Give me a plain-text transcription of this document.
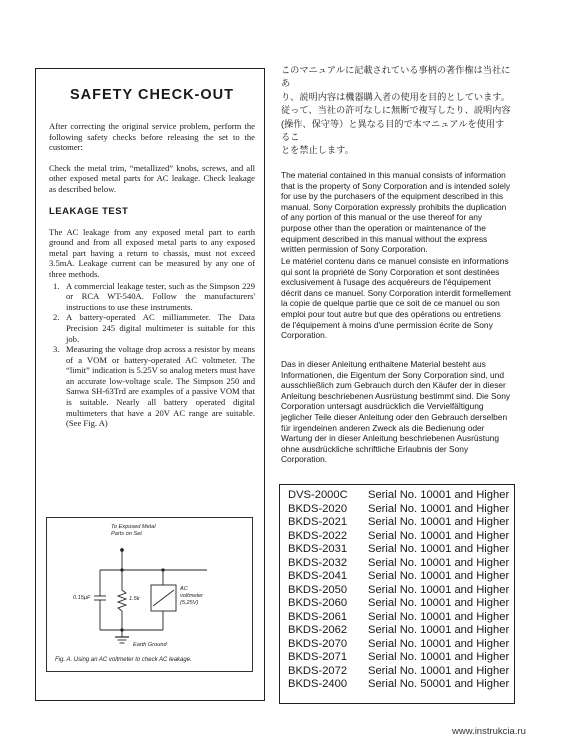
SAFETY CHECK-OUT

After correcting the original service problem, perform the following safety checks before releasing the set to the customer:

Check the metal trim, “metallized” knobs, screws, and all other exposed metal parts for AC leakage. Check leakage as described below.

LEAKAGE TEST

The AC leakage from any exposed metal part to earth ground and from all exposed metal parts to any exposed metal part having a return to chassis, must not exceed 3.5mA. Leakage current can be measured by any one of three methods.

1. A commercial leakage tester, such as the Simpson 229 or RCA WT-540A. Follow the manufacturers' instructions to use these instruments.
2. A battery-operated AC milliammeter. The Data Precision 245 digital multimeter is suitable for this job.
3. Measuring the voltage drop across a resistor by means of a VOM or battery-operated AC voltmeter. The “limit” indication is 5.25V so analog meters must have an accurate low-voltage scale. The Simpson 250 and Sanwa SH-63Trd are examples of a passive VOM that is suitable. Nearly all battery operated digital multimeters that have a 20V AC range are suitable. (See Fig. A)
To Exposed Metal
Parts on Set
0.15μF	1.5k
AC
voltmeter
(5.25V)
Earth Ground
Fig. A. Using an AC voltmeter to check AC leakage.
このマニュアルに記載されている事柄の著作権は当社にあ
り、説明内容は機器購入者の使用を目的としています。
従って、当社の許可なしに無断で複写したり、説明内容
(操作、保守等）と異なる目的で本マニュアルを使用するこ
とを禁止します。

The material contained in this manual consists of information that is the property of Sony Corporation and is intended solely for use by the purchasers of the equipment described in this manual. Sony Corporation expressly prohibits the duplication of any portion of this manual or the use thereof for any purpose other than the operation or maintenance of the equipment described in this manual without the express written permission of Sony Corporation.

Le matériel contenu dans ce manuel consiste en informations qui sont la propriété de Sony Corporation et sont destinées exclusivement à l'usage des acquéreurs de l'équipement décrit dans ce manuel. Sony Corporation interdit formellement la copie de quelque partie que ce soit de ce manuel ou son emploi pour tout autre but que des opérations ou entretiens de l'équipement à moins d'une permission écrite de Sony Corporation.

Das in dieser Anleitung enthaltene Material besteht aus Informationen, die Eigentum der Sony Corporation sind, und ausschließlich zum Gebrauch durch den Käufer der in dieser Anleitung beschriebenen Ausrüstung bestimmt sind. Die Sony Corporation untersagt ausdrücklich die Vervielfältigung jeglicher Teile dieser Anleitung oder den Gebrauch derselben für irgendeinen anderen Zweck als die Bedienung oder Wartung der in dieser Anleitung beschriebenen Ausrüstung ohne ausdrückliche schriftliche Erlaubnis der Sony Corporation.

DVS-2000C	Serial No. 10001 and Higher
BKDS-2020	Serial No. 10001 and Higher
BKDS-2021	Serial No. 10001 and Higher
BKDS-2022	Serial No. 10001 and Higher
BKDS-2031	Serial No. 10001 and Higher
BKDS-2032	Serial No. 10001 and Higher
BKDS-2041	Serial No. 10001 and Higher
BKDS-2050	Serial No. 10001 and Higher
BKDS-2060	Serial No. 10001 and Higher
BKDS-2061	Serial No. 10001 and Higher
BKDS-2062	Serial No. 10001 and Higher
BKDS-2070	Serial No. 10001 and Higher
BKDS-2071	Serial No. 10001 and Higher
BKDS-2072	Serial No. 10001 and Higher
BKDS-2400	Serial No. 50001 and Higher
www.instrukcia.ru
